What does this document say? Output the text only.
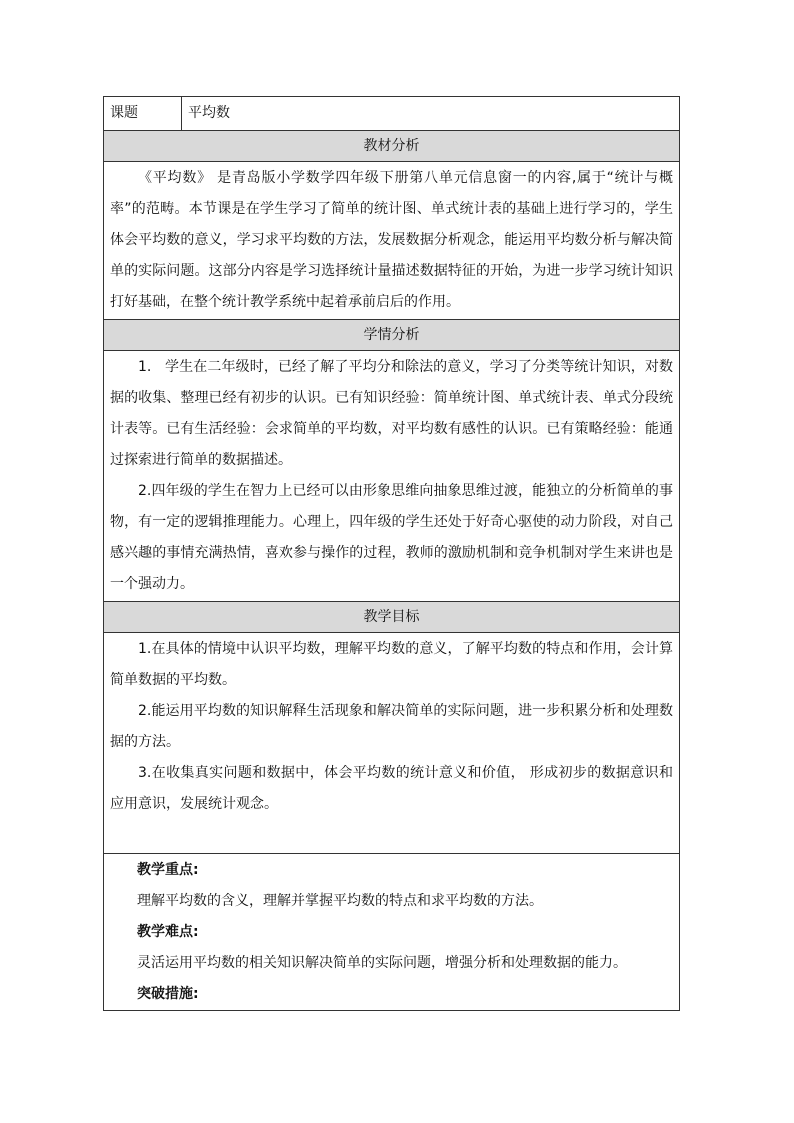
课题	平均数
教材分析

《平均数》 是青岛版小学数学四年级下册第八单元信息窗一的内容,属于“统计与概率”的范畴。本节课是在学生学习了简单的统计图、单式统计表的基础上进行学习的，学生体会平均数的意义，学习求平均数的方法，发展数据分析观念，能运用平均数分析与解决简单的实际问题。这部分内容是学习选择统计量描述数据特征的开始，为进一步学习统计知识打好基础，在整个统计教学系统中起着承前启后的作用。

学情分析

1.   学生在二年级时，已经了解了平均分和除法的意义，学习了分类等统计知识，对数据的收集、整理已经有初步的认识。已有知识经验：简单统计图、单式统计表、单式分段统计表等。已有生活经验：会求简单的平均数，对平均数有感性的认识。已有策略经验：能通过探索进行简单的数据描述。

2.四年级的学生在智力上已经可以由形象思维向抽象思维过渡，能独立的分析简单的事物，有一定的逻辑推理能力。心理上，四年级的学生还处于好奇心驱使的动力阶段，对自己感兴趣的事情充满热情，喜欢参与操作的过程，教师的激励机制和竞争机制对学生来讲也是一个强动力。

教学目标

1.在具体的情境中认识平均数，理解平均数的意义，了解平均数的特点和作用，会计算简单数据的平均数。

2.能运用平均数的知识解释生活现象和解决简单的实际问题，进一步积累分析和处理数据的方法。

3.在收集真实问题和数据中，体会平均数的统计意义和价值， 形成初步的数据意识和应用意识，发展统计观念。

教学重点:

理解平均数的含义，理解并掌握平均数的特点和求平均数的方法。

教学难点:

灵活运用平均数的相关知识解决简单的实际问题，增强分析和处理数据的能力。

突破措施:
